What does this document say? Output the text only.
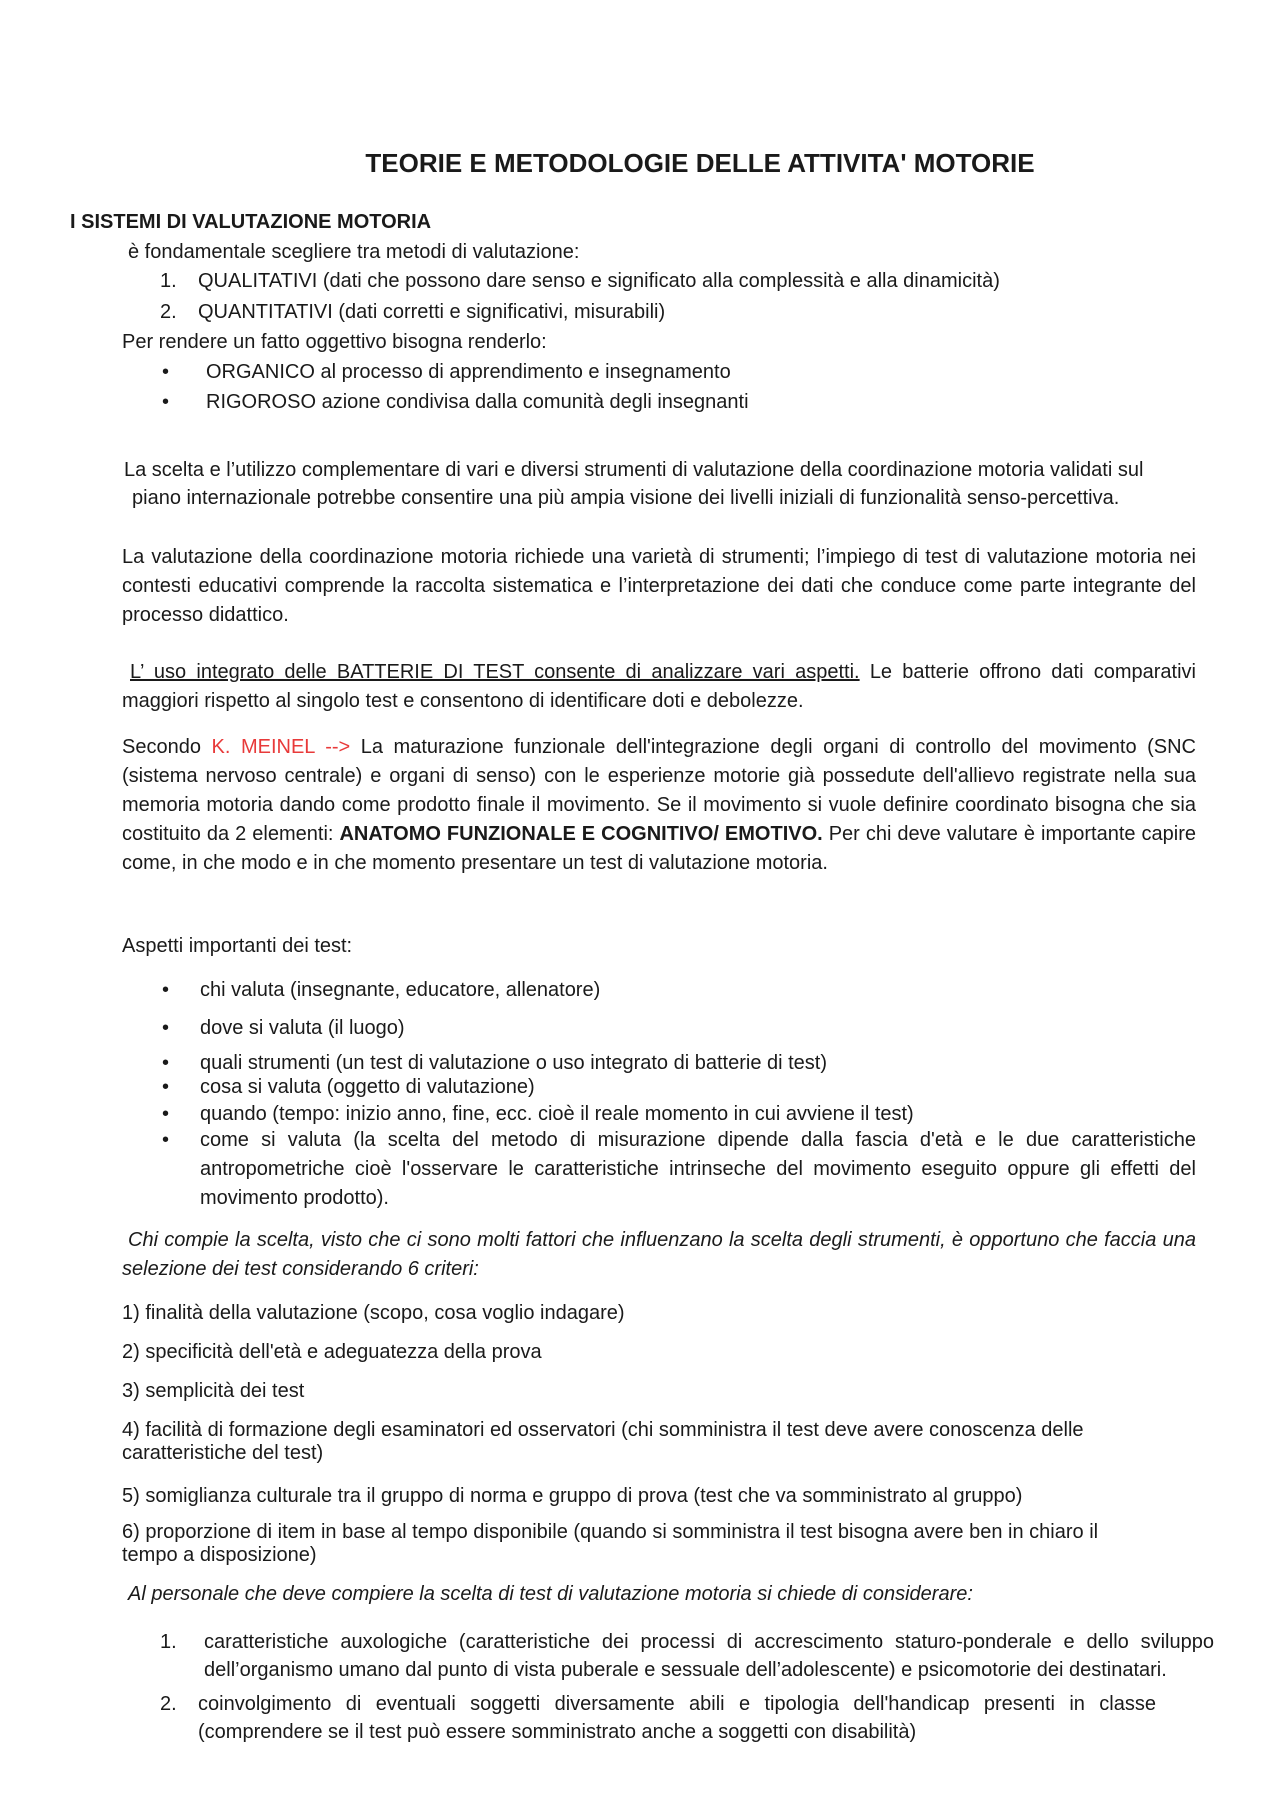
TEORIE E METODOLOGIE DELLE ATTIVITA' MOTORIE
I SISTEMI DI VALUTAZIONE MOTORIA
è fondamentale scegliere tra metodi di valutazione:
1. QUALITATIVI (dati che possono dare senso e significato alla complessità e alla dinamicità)
2. QUANTITATIVI (dati corretti e significativi, misurabili)
Per rendere un fatto oggettivo bisogna renderlo:
• ORGANICO al processo di apprendimento e insegnamento
• RIGOROSO azione condivisa dalla comunità degli insegnanti
La scelta e l’utilizzo complementare di vari e diversi strumenti di valutazione della coordinazione motoria validati sul
piano internazionale potrebbe consentire una più ampia visione dei livelli iniziali di funzionalità senso-percettiva.
La valutazione della coordinazione motoria richiede una varietà di strumenti; l’impiego di test di valutazione motoria nei contesti educativi comprende la raccolta sistematica e l’interpretazione dei dati che conduce come parte integrante del processo didattico.

L’ uso integrato delle BATTERIE DI TEST consente di analizzare vari aspetti. Le batterie offrono dati comparativi maggiori rispetto al singolo test e consentono di identificare doti e debolezze.

Secondo K. MEINEL --> La maturazione funzionale dell'integrazione degli organi di controllo del movimento (SNC (sistema nervoso centrale) e organi di senso) con le esperienze motorie già possedute dell'allievo registrate nella sua memoria motoria dando come prodotto finale il movimento. Se il movimento si vuole definire coordinato bisogna che sia costituito da 2 elementi: ANATOMO FUNZIONALE E COGNITIVO/ EMOTIVO. Per chi deve valutare è importante capire come, in che modo e in che momento presentare un test di valutazione motoria.

Aspetti importanti dei test:
• chi valuta (insegnante, educatore, allenatore)
• dove si valuta (il luogo)
• quali strumenti (un test di valutazione o uso integrato di batterie di test)
• cosa si valuta (oggetto di valutazione)
• quando (tempo: inizio anno, fine, ecc. cioè il reale momento in cui avviene il test)
• come si valuta (la scelta del metodo di misurazione dipende dalla fascia d'età e le due caratteristiche antropometriche cioè l'osservare le caratteristiche intrinseche del movimento eseguito oppure gli effetti del movimento prodotto).

Chi compie la scelta, visto che ci sono molti fattori che influenzano la scelta degli strumenti, è opportuno che faccia una selezione dei test considerando 6 criteri:

1) finalità della valutazione (scopo, cosa voglio indagare)
2) specificità dell'età e adeguatezza della prova
3) semplicità dei test
4) facilità di formazione degli esaminatori ed osservatori (chi somministra il test deve avere conoscenza delle caratteristiche del test)
5) somiglianza culturale tra il gruppo di norma e gruppo di prova (test che va somministrato al gruppo)
6) proporzione di item in base al tempo disponibile (quando si somministra il test bisogna avere ben in chiaro il tempo a disposizione)
Al personale che deve compiere la scelta di test di valutazione motoria si chiede di considerare:
1. caratteristiche auxologiche (caratteristiche dei processi di accrescimento staturo-ponderale e dello sviluppo dell’organismo umano dal punto di vista puberale e sessuale dell’adolescente) e psicomotorie dei destinatari.
2. coinvolgimento di eventuali soggetti diversamente abili e tipologia dell'handicap presenti in classe (comprendere se il test può essere somministrato anche a soggetti con disabilità)
